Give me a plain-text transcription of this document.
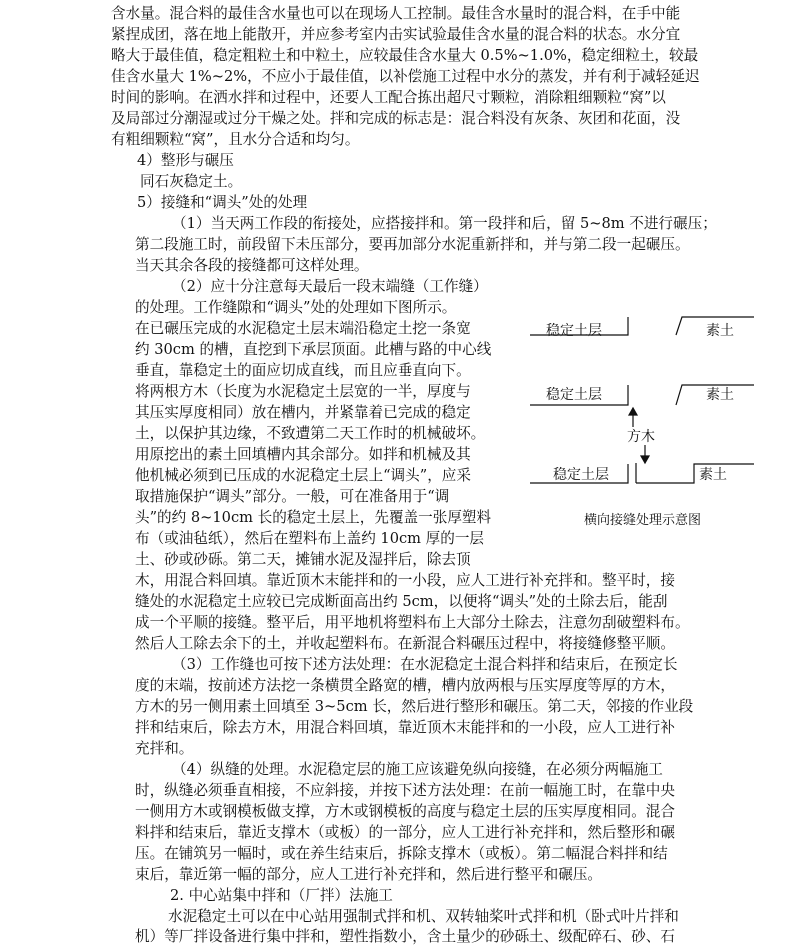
含水量。混合料的最佳含水量也可以在现场人工控制。最佳含水量时的混合料，在手中能
紧捏成团，落在地上能散开，并应参考室内击实试验最佳含水量的混合料的状态。水分宜
略大于最佳值，稳定粗粒土和中粒土，应较最佳含水量大 0.5%~1.0%，稳定细粒土，较最
佳含水量大 1%~2%，不应小于最佳值，以补偿施工过程中水分的蒸发，并有利于减轻延迟
时间的影响。在洒水拌和过程中，还要人工配合拣出超尺寸颗粒，消除粗细颗粒“窝”以
及局部过分潮湿或过分干燥之处。拌和完成的标志是：混合料没有灰条、灰团和花面，没
有粗细颗粒“窝”，且水分合适和均匀。
4）整形与碾压
同石灰稳定土。
5）接缝和“调头”处的处理
（1）当天两工作段的衔接处，应搭接拌和。第一段拌和后，留 5~8m 不进行碾压；
第二段施工时，前段留下未压部分，要再加部分水泥重新拌和，并与第二段一起碾压。
当天其余各段的接缝都可这样处理。
（2）应十分注意每天最后一段末端缝（工作缝）
的处理。工作缝隙和“调头”处的处理如下图所示。
在已碾压完成的水泥稳定土层末端沿稳定土挖一条宽
约 30cm 的槽，直挖到下承层顶面。此槽与路的中心线
垂直，靠稳定土的面应切成直线，而且应垂直向下。
将两根方木（长度为水泥稳定土层宽的一半，厚度与
其压实厚度相同）放在槽内，并紧靠着已完成的稳定
土，以保护其边缘，不致遭第二天工作时的机械破坏。
用原挖出的素土回填槽内其余部分。如拌和机械及其
他机械必须到已压成的水泥稳定土层上“调头”，应采
取措施保护“调头”部分。一般，可在准备用于“调
头”的约 8~10cm 长的稳定土层上，先覆盖一张厚塑料
布（或油毡纸），然后在塑料布上盖约 10cm 厚的一层
土、砂或砂砾。第二天，摊铺水泥及湿拌后，除去顶
木，用混合料回填。靠近顶木末能拌和的一小段，应人工进行补充拌和。整平时，接
缝处的水泥稳定土应较已完成断面高出约 5cm，以便将“调头”处的土除去后，能刮
成一个平顺的接缝。整平后，用平地机将塑料布上大部分土除去，注意勿刮破塑料布。
然后人工除去余下的土，并收起塑料布。在新混合料碾压过程中，将接缝修整平顺。
（3）工作缝也可按下述方法处理：在水泥稳定土混合料拌和结束后，在预定长
度的末端，按前述方法挖一条横贯全路宽的槽，槽内放两根与压实厚度等厚的方木，
方木的另一侧用素土回填至 3~5cm 长，然后进行整形和碾压。第二天，邻接的作业段
拌和结束后，除去方木，用混合料回填，靠近顶木末能拌和的一小段，应人工进行补
充拌和。
（4）纵缝的处理。水泥稳定层的施工应该避免纵向接缝，在必须分两幅施工
时，纵缝必须垂直相接，不应斜接，并按下述方法处理：在前一幅施工时，在靠中央
一侧用方木或钢模板做支撑，方木或钢模板的高度与稳定土层的压实厚度相同。混合
料拌和结束后，靠近支撑木（或板）的一部分，应人工进行补充拌和，然后整形和碾
压。在铺筑另一幅时，或在养生结束后，拆除支撑木（或板）。第二幅混合料拌和结
束后，靠近第一幅的部分，应人工进行补充拌和，然后进行整平和碾压。
2. 中心站集中拌和（厂拌）法施工
水泥稳定土可以在中心站用强制式拌和机、双转轴桨叶式拌和机（卧式叶片拌和
机）等厂拌设备进行集中拌和，塑性指数小，含土量少的砂砾土、级配碎石、砂、石
稳定土层	素土
稳定土层	素土
方木
稳定土层	素土
横向接缝处理示意图
